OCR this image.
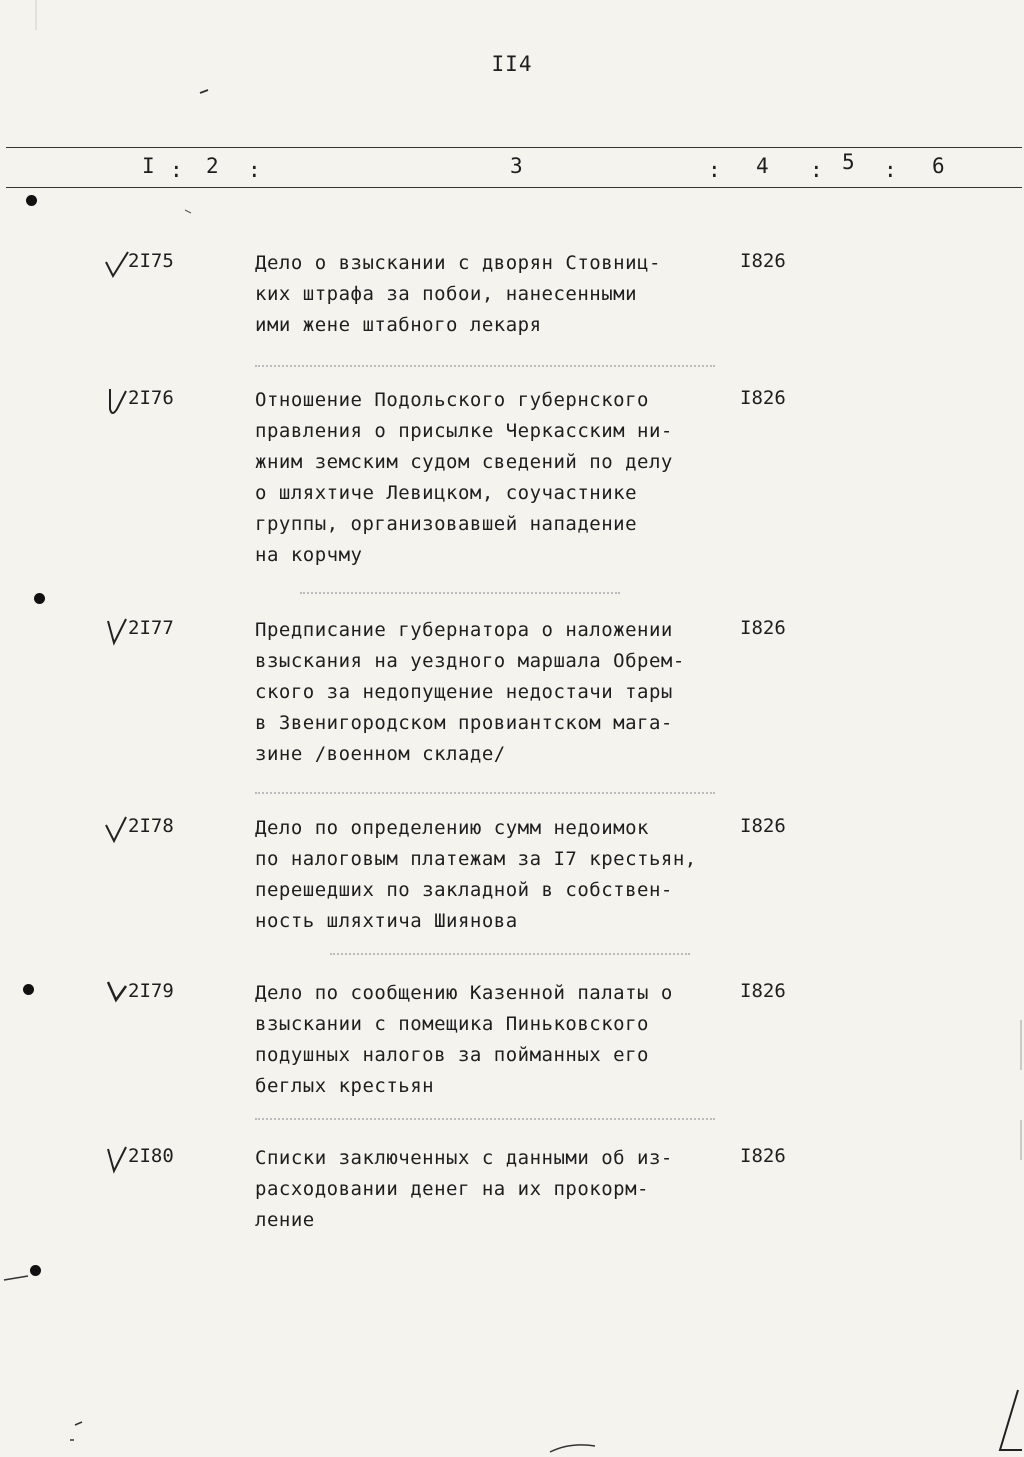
II4
I : 2 :	3	: 4 : 5 : 6
2I75	Дело о взыскании с дворян Стовниц-
ких штрафа за побои, нанесенными
ими жене штабного лекаря
I826
2I76	Отношение Подольского губернского
правления о присылке Черкасским ни-
жним земским судом сведений по делу
о шляхтиче Левицком, соучастнике
группы, организовавшей нападение
на корчму
I826
2I77	Предписание губернатора о наложении
взыскания на уездного маршала Обрем-
ского за недопущение недостачи тары
в Звенигородском провиантском мага-
зине /военном складе/
I826
2I78	Дело по определению сумм недоимок
по налоговым платежам за I7 крестьян,
перешедших по закладной в собствен-
ность шляхтича Шиянова
I826
2I79	Дело по сообщению Казенной палаты о
взыскании с помещика Пиньковского
подушных налогов за пойманных его
беглых крестьян
I826
2I80	Списки заключенных с данными об из-
расходовании денег на их прокорм-
ление
I826
